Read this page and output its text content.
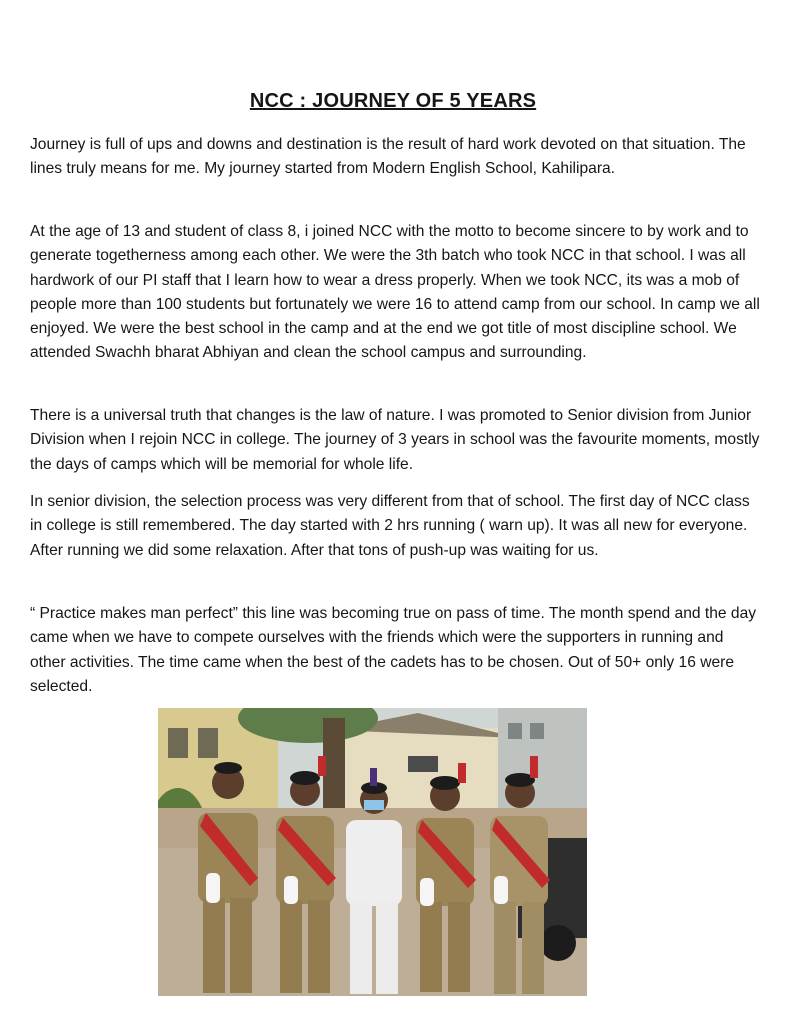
NCC : JOURNEY OF 5 YEARS

Journey is full of ups and downs and destination is the result of hard work devoted on that situation. The lines truly means for me. My journey started from Modern English School, Kahilipara.

At the age of 13 and student of class 8, i joined NCC with the motto to become sincere to by work and to generate togetherness among each other. We were the 3th batch who took NCC in that school. I was all hardwork of our PI staff that I learn how to wear a dress properly. When we took NCC, its was a mob of people more than 100 students but fortunately we were 16 to attend camp from our school. In camp we all enjoyed. We were the best school in the camp and at the end we got title of most discipline school. We attended Swachh bharat Abhiyan and clean the school campus and surrounding.

There is a universal truth that changes is the law of nature. I was promoted to Senior division from Junior Division when I rejoin NCC in college. The journey of 3 years in school was the favourite moments, mostly the days of camps which will be memorial for whole life.

In senior division, the selection process was very different from that of school. The first day of NCC class in college is still remembered. The day started with 2 hrs running ( warn up). It was all new for everyone. After running we did some relaxation. After that tons of push-up was waiting for us.

“ Practice makes man perfect” this line was becoming true on pass of time. The month spend and the day came when we have to compete ourselves with the friends which were the supporters in running and other activities. The time came when the best of the cadets has to be chosen. Out of 50+ only 16 were selected.
